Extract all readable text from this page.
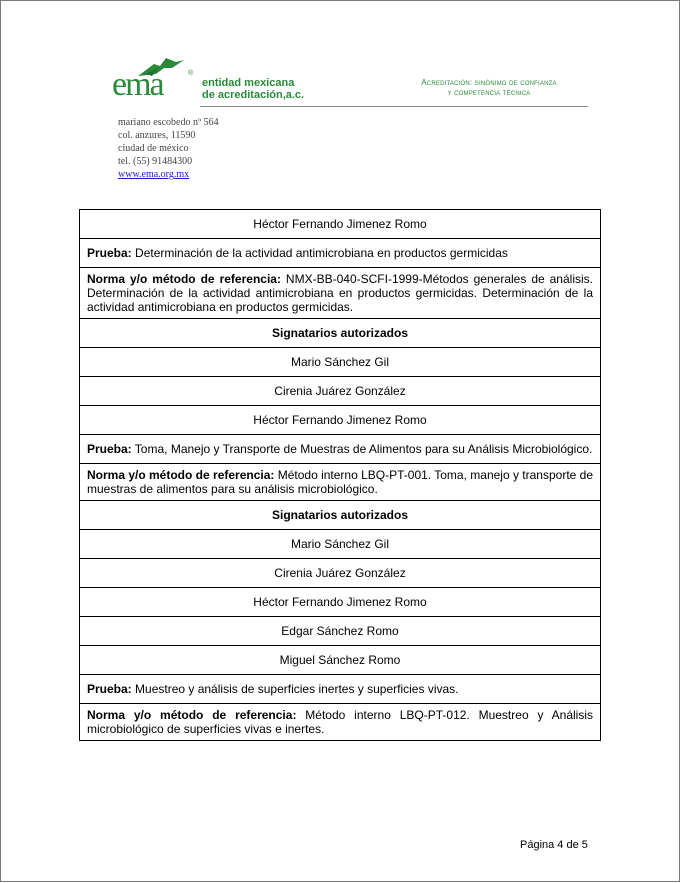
ema	®
entidad mexicana
de acreditación,a.c.
Acreditación: sinónimo de confianza
y competencia técnica
mariano escobedo nº 564
col. anzures, 11590
ciudad de méxico
tel. (55) 91484300
www.ema.org.mx
Héctor Fernando Jimenez Romo
Prueba: Determinación de la actividad antimicrobiana en productos germicidas
Norma y/o método de referencia: NMX-BB-040-SCFI-1999-Métodos generales de análisis. Determinación de la actividad antimicrobiana en productos germicidas. Determinación de la actividad antimicrobiana en productos germicidas.
Signatarios autorizados
Mario Sánchez Gil
Cirenia Juárez González
Héctor Fernando Jimenez Romo
Prueba: Toma, Manejo y Transporte de Muestras de Alimentos para su Análisis Microbiológico.
Norma y/o método de referencia: Método interno LBQ-PT-001. Toma, manejo y transporte de muestras de alimentos para su análisis microbiológico.
Signatarios autorizados
Mario Sánchez Gil
Cirenia Juárez González
Héctor Fernando Jimenez Romo
Edgar Sánchez Romo
Miguel Sánchez Romo
Prueba: Muestreo y análisis de superficies inertes y superficies vivas.
Norma y/o método de referencia: Método interno LBQ-PT-012. Muestreo y Análisis microbiológico de superficies vivas e inertes.
Página 4 de 5
